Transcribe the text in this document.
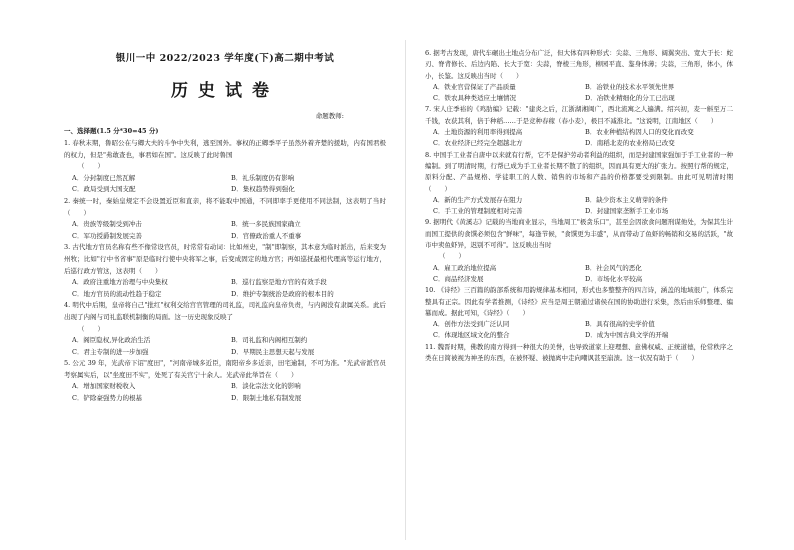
银川一中 2022/2023 学年度(下)高二期中考试
历史试卷
命题教师:
一、选择题(1.5 分*30=45 分)
1. 春秋末期，鲁昭公在与卿大夫的斗争中失利，逃至国外。事权的正卿季平子虽然外着齐楚的援助，内有国君极的权力，但是"弗敢查也，事君如在国"。这反映了此时鲁国
（　　）
A．分封制度已然瓦解	B．礼乐制度仍有影响
C．政局受到大国支配	D．集权趋势得到强化
2. 秦统一时，秦始皇规定不会设置近臣和直亲，将不能取中国通，不同即率手更使用不同法制，这表明了当时（　　）
A．贵族等级制受到冲击	B．统一多民族国家确立
C．军功授爵制发展完善	D．官僚政治重人不重事
3. 古代地方官员名称有些不像常设官员，时常常有动词：比如州史，"制"即制察，其本意为临时派出，后来变为州牧；比如"行中书省事"原是临时行使中央将军之事，后变成固定的地方官；再如巡抚最相代理高等运行地方，后巡行政方管这，这表明（　　）
A．政府注重地方治理与中央集权	B．巡行监察是地方官的有效手段
C．地方官员的流动性趋于稳定	D．维护专制统治是政府的根本目的
4. 明代中后期，皇帝将自己"批红"权利交给宫官管理的司礼监，司礼监向皇帝负责，与内阁没有隶属关系。此后出现了内阁与司礼监联机制衡的局面。这一历史现象反映了
（　　）
A．阁臣隐权,异化政治生活	B．司礼监和内阁相互制约
C．君主专制的进一步加强	D．早期民主思想天起与发展
5. 公元 39 年，光武帝下诏"度田"，"河南帝城多近臣，南阳帝乡多近亲，田宅逾制，不可为准。"光武帝派官员考察属实后，以"坐度田不实"，处死了有关官宁十余人。光武帝此举旨在（　　）
A．增加国家财税收入	B．淡化宗法文化的影响
C．铲除豪强势力的根基	D．限制土地私有制发展
6. 据考古发现，唐代车碾出土地点分布广泛，但大体有四种形式：尖蒜、三角形、阔翼突出、宽大于长：蛇刃、脊背修长、后边内陷、长大于宽：尖蒜，脊棱三角形，柳园平直、鉴身体薄；尖蒜，三角形，体小，体小，长鉴。这反映出当时（　　）
A．铁业官营保证了产品质量	B．冶铁业的技术水平领先世界
C．铁农具种类适应土壤情况	D．冶铁业精细化的分工已出现
7. 宋人庄季裕的《鸡肋编》记载："建炎之后，江浙湖湘闽广，西北流寓之人遍满。绍兴初，麦一斛至万二千钱，农获其利，倍于种稻……于是竞种春稼（春小麦），极目不减淮北。"这说明，江南地区（　　）
A．土地资源的利用率得到提高	B．农业种植结构因人口的变化而改变
C．农业经济已经完全超越北方	D．南稻北麦的农业格局已改变
8. 中国手工业者自唐中以来就有行帮，它不是保护劳动者利益的组织，而是封建国家强加于手工业者的一种编制。到了明清时期，行帮已成为手工业者长期不散了的组织，因而具有更大的扩张力。按照行帮的规定，原料分配、产品规格、学徒职工的人数、销售的市场和产品的价格都要受到限制。由此可见明清时期（　　）
A．新的生产方式发展存在阻力	B．缺少资本主义萌芽的条件
C．手工业的管理制度相对完善	D．封建国家垄断手工业市场
9. 据明代《黄溪志》记载的当地商业显示，当地周工"极贪乐口"，甚至会因欲食问题刑谋他处，为保其生计而国工提供的食馔必须包含"鲜味"，每逢节候，"食馔更为丰盛"，从而带动了鱼虾的畅销和交易的活跃，"故市中卖鱼虾异，迟别不可得"。这反映出当时
（　　）
A．雇工政治地位提高	B．社会风气的恶化
C．商品经济发展	D．市场化水平较高
10. 《诗经》三百篇的韵部系统和用韵规律基本相同，形式也多整整齐的四言诗，涵盖的地域很广，体系完整具有正宗。因此有学者推测，《诗经》应当是周王朝通过诸侯在国的协助进行采集，然后由乐师整理、编纂而成。据此可知，《诗经》（　　）
A．创作方法受到广泛认同	B．具有很高的史学价值
C．体现地区域文化的整合	D．成为中国古典文学的开端
11. 魏晋时期，佛教的南方得到一种很大的美誉，也导致道家上迎理想、意佛权威、正统道德，伦常秩序之类在日简被视为神圣的东西，在被怀疑、被抛离中走向嘲讽甚至崩溃。这一状况有助于（　　）
